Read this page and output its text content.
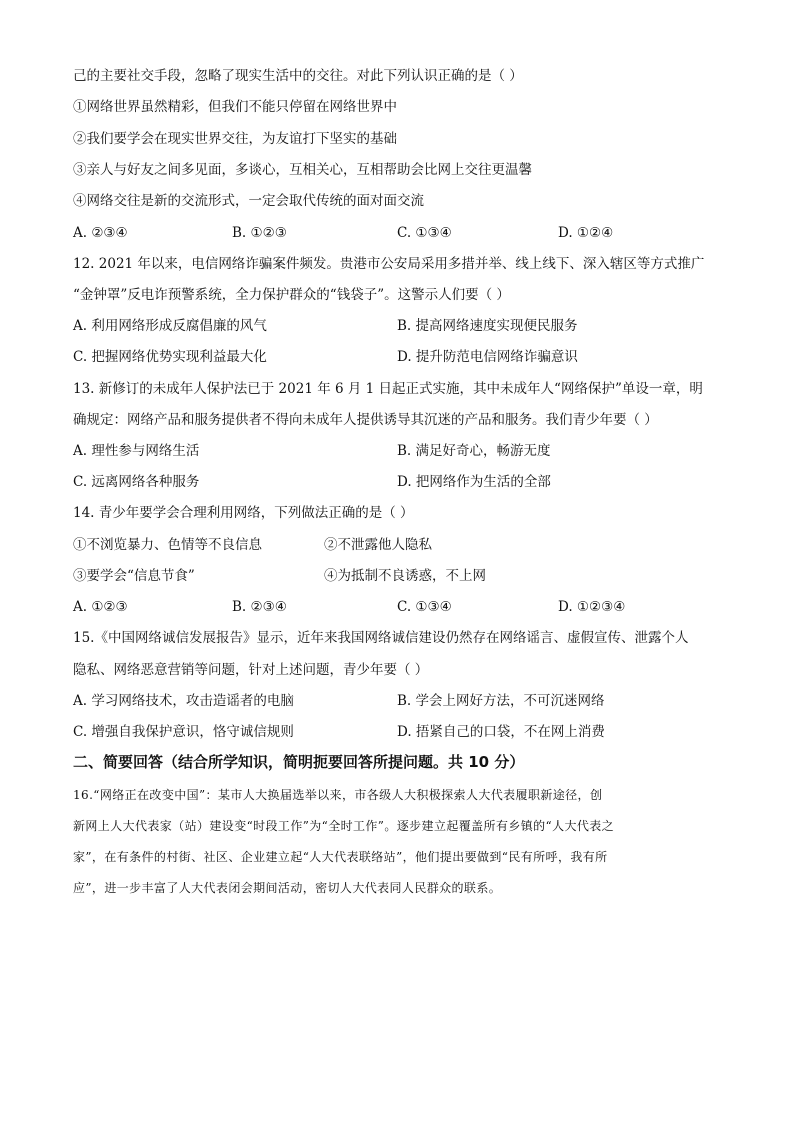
己的主要社交手段，忽略了现实生活中的交往。对此下列认识正确的是（ ）
①网络世界虽然精彩，但我们不能只停留在网络世界中
②我们要学会在现实世界交往，为友谊打下坚实的基础
③亲人与好友之间多见面，多谈心，互相关心，互相帮助会比网上交往更温馨
④网络交往是新的交流形式，一定会取代传统的面对面交流
A. ②③④	B. ①②③	C. ①③④	D. ①②④
12. 2021 年以来，电信网络诈骗案件频发。贵港市公安局采用多措并举、线上线下、深入辖区等方式推广
“金钟罩”反电诈预警系统，全力保护群众的“钱袋子”。这警示人们要（ ）
A. 利用网络形成反腐倡廉的风气	B. 提高网络速度实现便民服务
C. 把握网络优势实现利益最大化	D. 提升防范电信网络诈骗意识
13. 新修订的未成年人保护法已于 2021 年 6 月 1 日起正式实施，其中未成年人“网络保护”单设一章，明
确规定：网络产品和服务提供者不得向未成年人提供诱导其沉迷的产品和服务。我们青少年要（ ）
A. 理性参与网络生活	B. 满足好奇心，畅游无度
C. 远离网络各种服务	D. 把网络作为生活的全部
14. 青少年要学会合理利用网络，下列做法正确的是（ ）
①不浏览暴力、色情等不良信息	②不泄露他人隐私
③要学会“信息节食”	④为抵制不良诱惑，不上网
A. ①②③	B. ②③④	C. ①③④	D. ①②③④
15.《中国网络诚信发展报告》显示，近年来我国网络诚信建设仍然存在网络谣言、虚假宣传、泄露个人
隐私、网络恶意营销等问题，针对上述问题，青少年要（ ）
A. 学习网络技术，攻击造谣者的电脑	B. 学会上网好方法，不可沉迷网络
C. 增强自我保护意识，恪守诚信规则	D. 捂紧自己的口袋，不在网上消费
二、简要回答（结合所学知识，简明扼要回答所提问题。共 10 分）
16.“网络正在改变中国”：某市人大换届选举以来，市各级人大积极探索人大代表履职新途径，创
新网上人大代表家（站）建设变“时段工作”为“全时工作”。逐步建立起覆盖所有乡镇的“人大代表之
家”，在有条件的村街、社区、企业建立起“人大代表联络站”，他们提出要做到“民有所呼，我有所
应”，进一步丰富了人大代表闭会期间活动，密切人大代表同人民群众的联系。
